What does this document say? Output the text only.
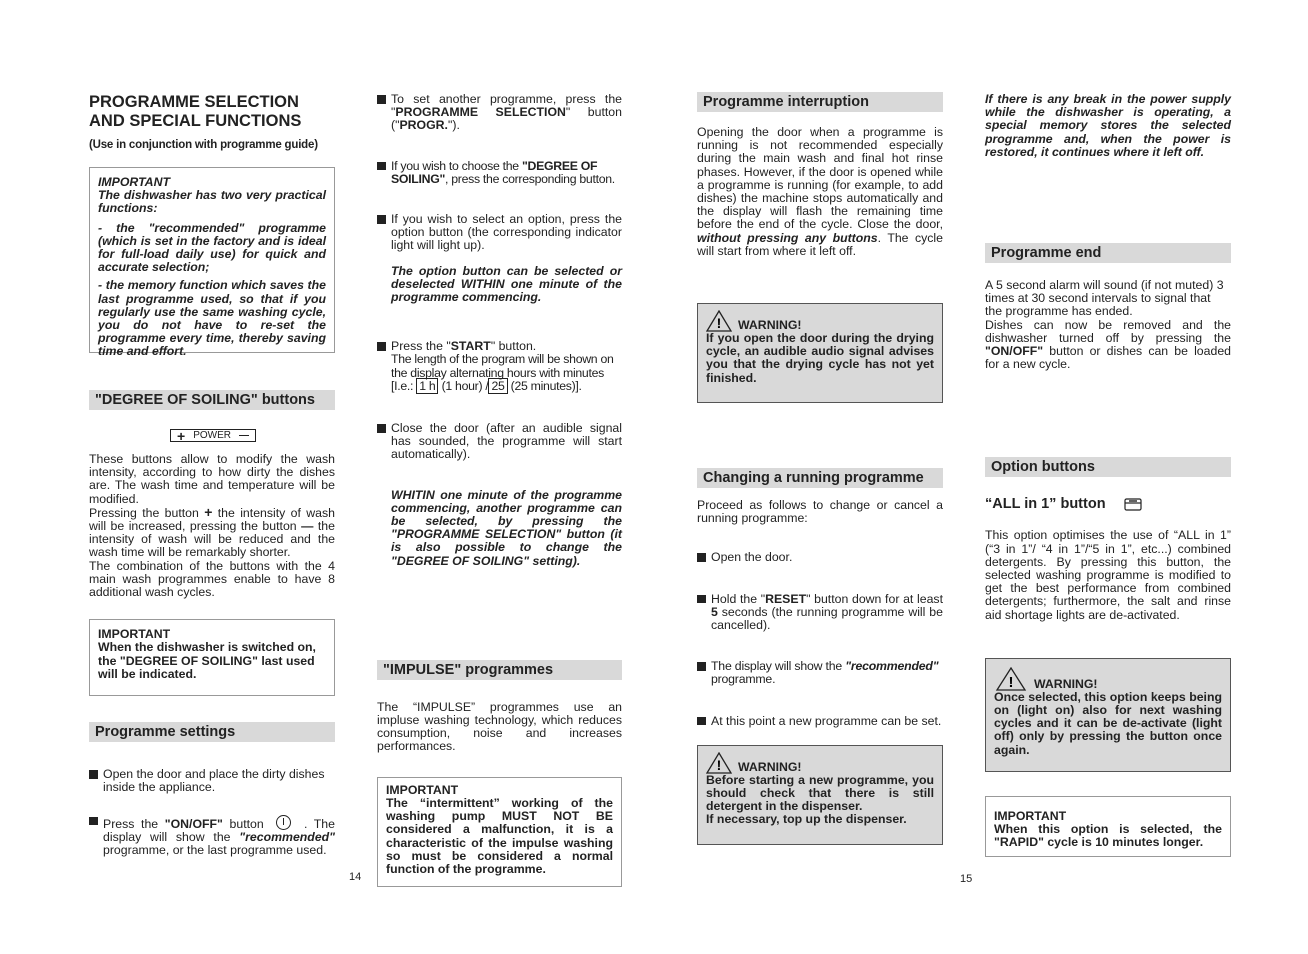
PROGRAMME SELECTION
AND SPECIAL FUNCTIONS
(Use in conjunction with programme guide)
IMPORTANT
The dishwasher has two very practical functions:
- the "recommended" programme (which is set in the factory and is ideal for full-load daily use) for quick and accurate selection;
- the memory function which saves the last programme used, so that if you regularly use the same washing cycle, you do not have to re-set the programme every time, thereby saving time and effort.
"DEGREE OF SOILING" buttons
+ POWER —
These buttons allow to modify the wash intensity, according to how dirty the dishes are. The wash time and temperature will be modified.
Pressing the button + the intensity of wash will be increased, pressing the button — the intensity of wash will be reduced and the wash time will be remarkably shorter.
The combination of the buttons with the 4 main wash programmes enable to have 8 additional wash cycles.
IMPORTANT
When the dishwasher is switched on, the "DEGREE OF SOILING" last used will be indicated.
Programme settings
Open the door and place the dirty dishes inside the appliance.
Press the "ON/OFF" button	. The display will show the "recommended" programme, or the last programme used.
14
To set another programme, press the "PROGRAMME SELECTION" button ("PROGR.").
If you wish to choose the "DEGREE OF SOILING", press the corresponding button.
If you wish to select an option, press the option button (the corresponding indicator light will light up).
The option button can be selected or deselected WITHIN one minute of the programme commencing.
Press the "START" button.
The length of the program will be shown on the display alternating hours with minutes [I.e.: 1 h (1 hour) / 25 (25 minutes)].
Close the door (after an audible signal has sounded, the programme will start automatically).
WHITIN one minute of the programme commencing, another programme can be selected, by pressing the "PROGRAMME SELECTION" button (it is also possible to change the "DEGREE OF SOILING" setting).
"IMPULSE" programmes
The “IMPULSE” programmes use an impluse washing technology, which reduces consumption, noise and increases performances.
IMPORTANT
The “intermittent” working of the washing pump MUST NOT BE considered a malfunction, it is a characteristic of the impulse washing so must be considered a normal function of the programme.
Programme interruption
Opening the door when a programme is running is not recommended especially during the main wash and final hot rinse phases. However, if the door is opened while a programme is running (for example, to add dishes) the machine stops automatically and the display will flash the remaining time before the end of the cycle. Close the door, without pressing any buttons. The cycle will start from where it left off.
! WARNING!
If you open the door during the drying cycle, an audible audio signal advises you that the drying cycle has not yet finished.
Changing a running programme
Proceed as follows to change or cancel a running programme:
Open the door.
Hold the "RESET" button down for at least 5 seconds (the running programme will be cancelled).
The display will show the "recommended" programme.
At this point a new programme can be set.
! WARNING!
Before starting a new programme, you should check that there is still detergent in the dispenser.
If necessary, top up the dispenser.
If there is any break in the power supply while the dishwasher is operating, a special memory stores the selected programme and, when the power is restored, it continues where it left off.
Programme end
A 5 second alarm will sound (if not muted) 3 times at 30 second intervals to signal that the programme has ended.
Dishes can now be removed and the dishwasher turned off by pressing the "ON/OFF" button or dishes can be loaded for a new cycle.
Option buttons
“ALL in 1” button
This option optimises the use of “ALL in 1” (“3 in 1”/ “4 in 1”/“5 in 1”, etc...) combined detergents. By pressing this button, the selected washing programme is modified to get the best performance from combined detergents; furthermore, the salt and rinse aid shortage lights are de-activated.
! WARNING!
Once selected, this option keeps being on (light on) also for next washing cycles and it can be de-activate (light off) only by pressing the button once again.
IMPORTANT
When this option is selected, the "RAPID" cycle is 10 minutes longer.
15
